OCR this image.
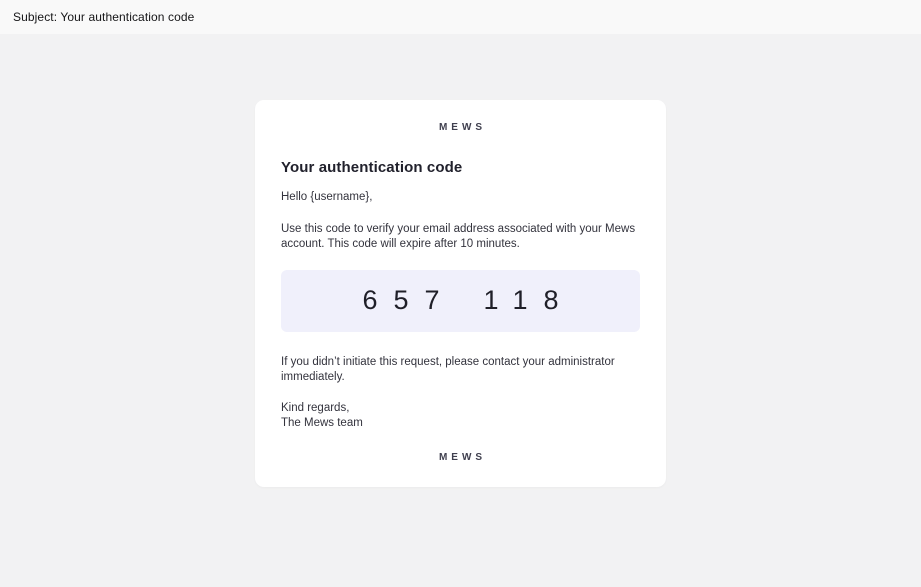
Subject: Your authentication code
MEWS
Your authentication code

Hello {username},

Use this code to verify your email address associated with your Mews
account. This code will expire after 10 minutes.

657	118

If you didn’t initiate this request, please contact your administrator
immediately.

Kind regards,
The Mews team

MEWS
